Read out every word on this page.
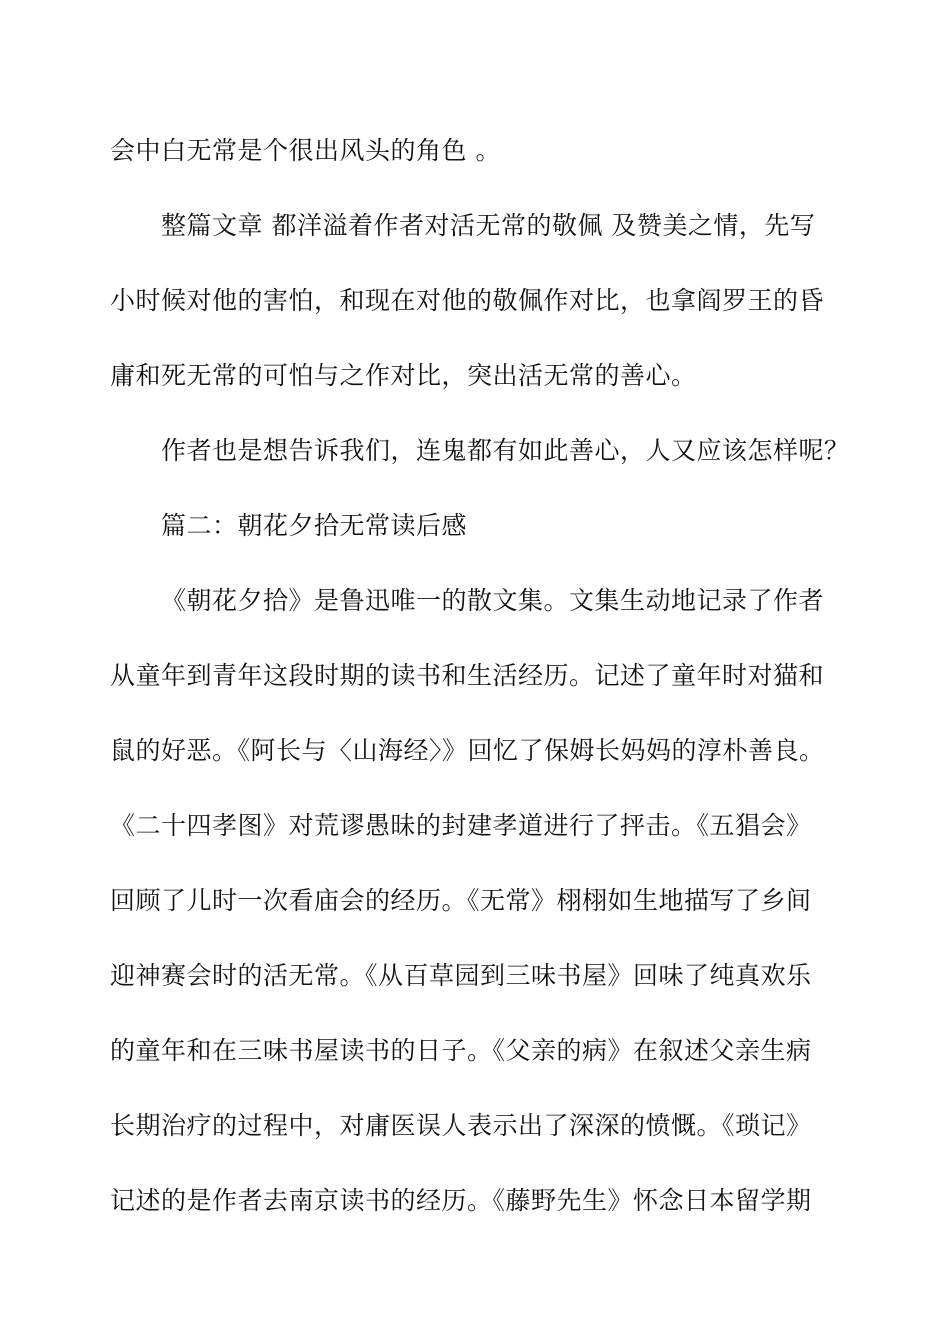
会中白无常是个很出风头的角色 。
整篇文章 都洋溢着作者对活无常的敬佩 及赞美之情，先写
小时候对他的害怕，和现在对他的敬佩作对比，也拿阎罗王的昏
庸和死无常的可怕与之作对比，突出活无常的善心。
作者也是想告诉我们，连鬼都有如此善心，人又应该怎样呢？
篇二：朝花夕拾无常读后感
《朝花夕拾》是鲁迅唯一的散文集。文集生动地记录了作者
从童年到青年这段时期的读书和生活经历。记述了童年时对猫和
鼠的好恶。《阿长与〈山海经〉》回忆了保姆长妈妈的淳朴善良。
《二十四孝图》对荒谬愚昧的封建孝道进行了抨击。《五猖会》
回顾了儿时一次看庙会的经历。《无常》栩栩如生地描写了乡间
迎神赛会时的活无常。《从百草园到三味书屋》回味了纯真欢乐
的童年和在三味书屋读书的日子。《父亲的病》在叙述父亲生病
长期治疗的过程中，对庸医误人表示出了深深的愤慨。《琐记》
记述的是作者去南京读书的经历。《藤野先生》怀念日本留学期
